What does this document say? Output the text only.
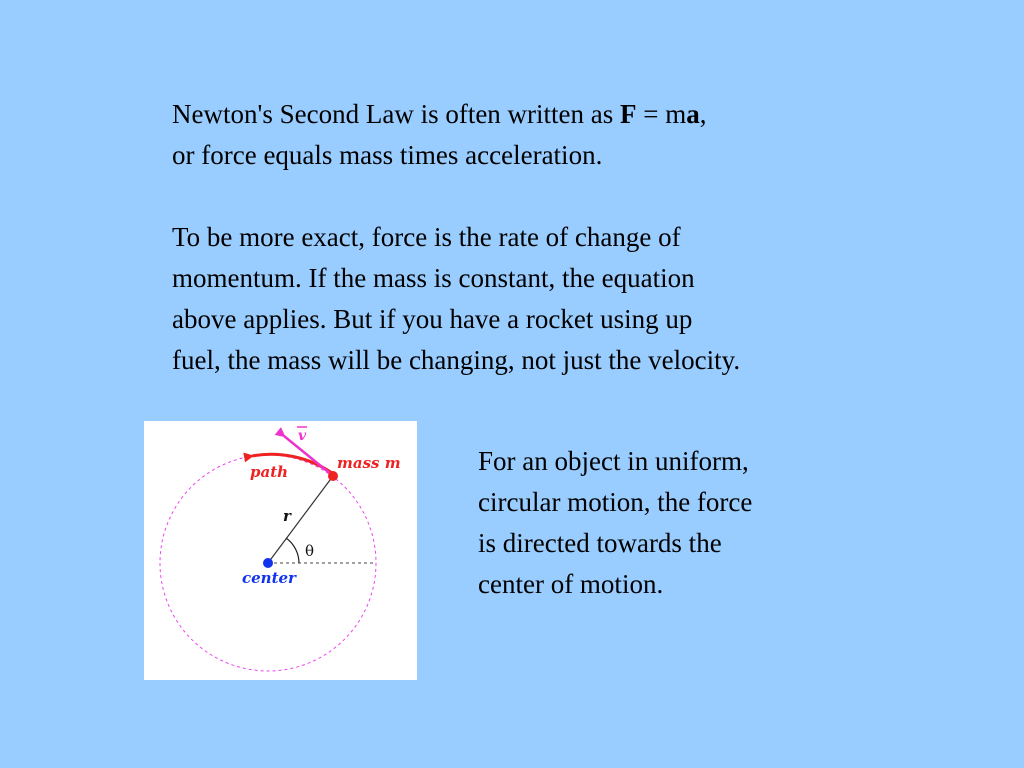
Newton's Second Law is often written as F = ma,
or force equals mass times acceleration.

To be more exact, force is the rate of change of
momentum. If the mass is constant, the equation
above applies. But if you have a rocket using up
fuel, the mass will be changing, not just the velocity.

v
mass m
path
r
θ
center

For an object in uniform,
circular motion, the force
is directed towards the
center of motion.
